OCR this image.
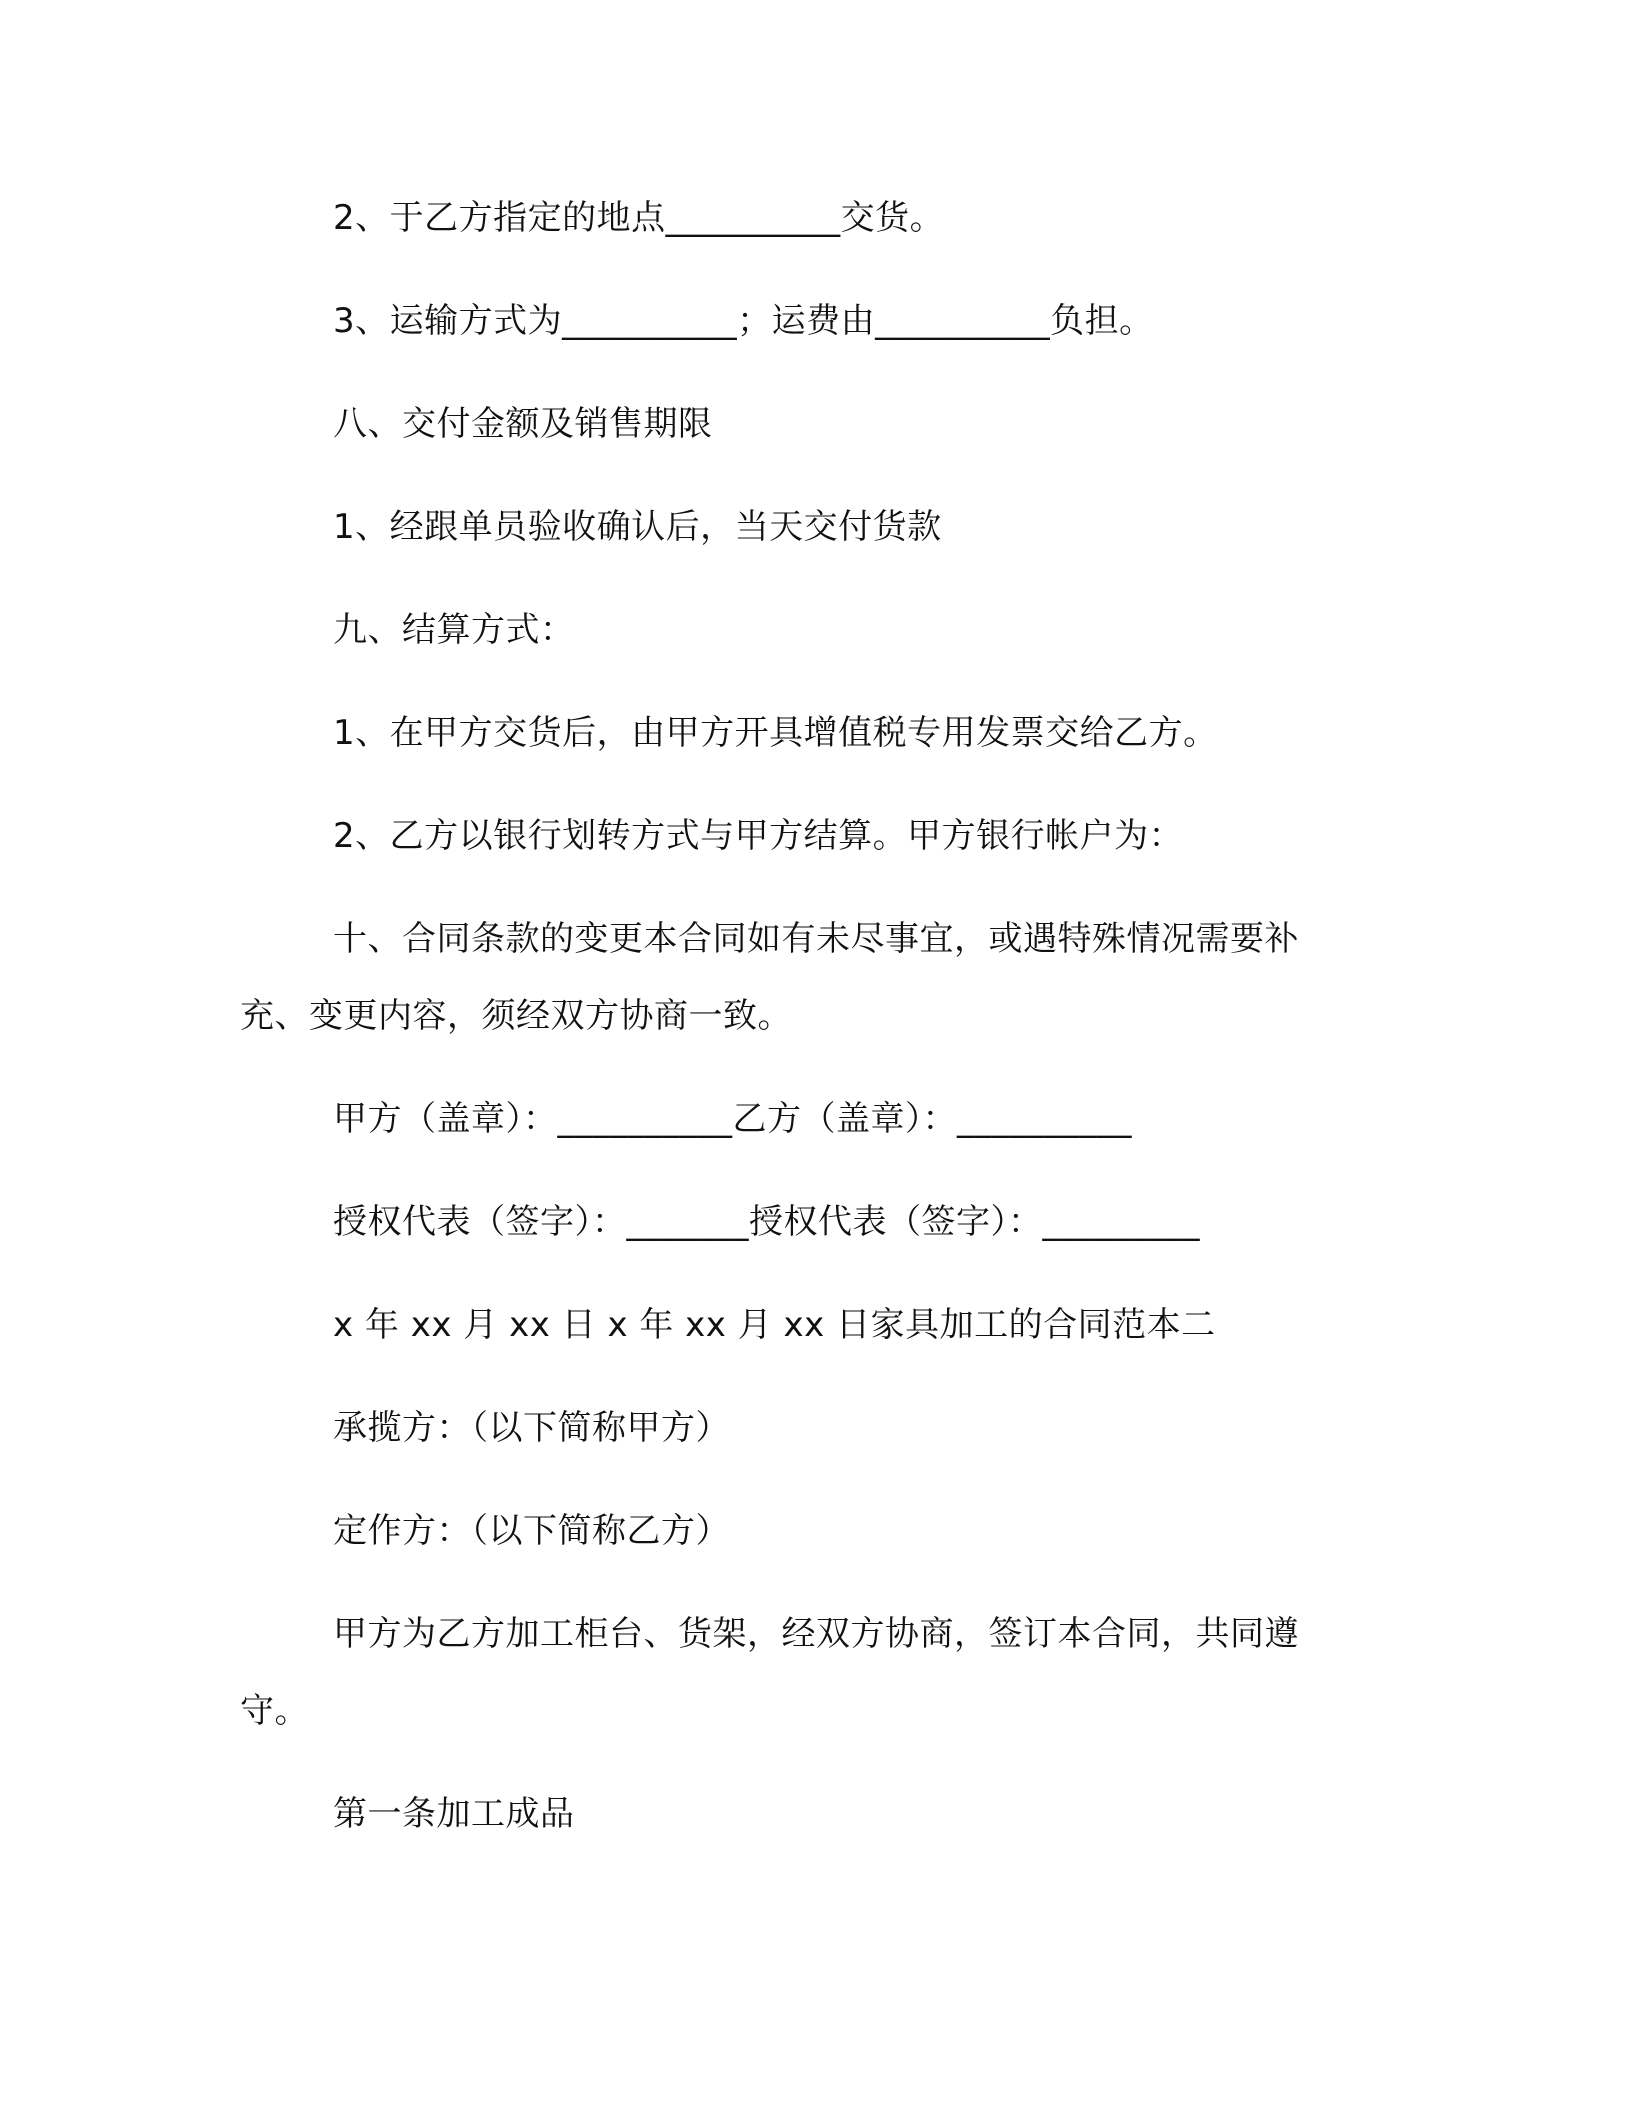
2、于乙方指定的地点__________交货。
3、运输方式为__________；运费由__________负担。
八、交付金额及销售期限
1、经跟单员验收确认后，当天交付货款
九、结算方式：
1、在甲方交货后，由甲方开具增值税专用发票交给乙方。
2、乙方以银行划转方式与甲方结算。甲方银行帐户为：
十、合同条款的变更本合同如有未尽事宜，或遇特殊情况需要补
充、变更内容，须经双方协商一致。
甲方（盖章）：__________乙方（盖章）：__________
授权代表（签字）：_______授权代表（签字）：_________
x 年 xx 月 xx 日 x 年 xx 月 xx 日家具加工的合同范本二
承揽方：（以下简称甲方）
定作方：（以下简称乙方）
甲方为乙方加工柜台、货架，经双方协商，签订本合同，共同遵
守。
第一条加工成品
